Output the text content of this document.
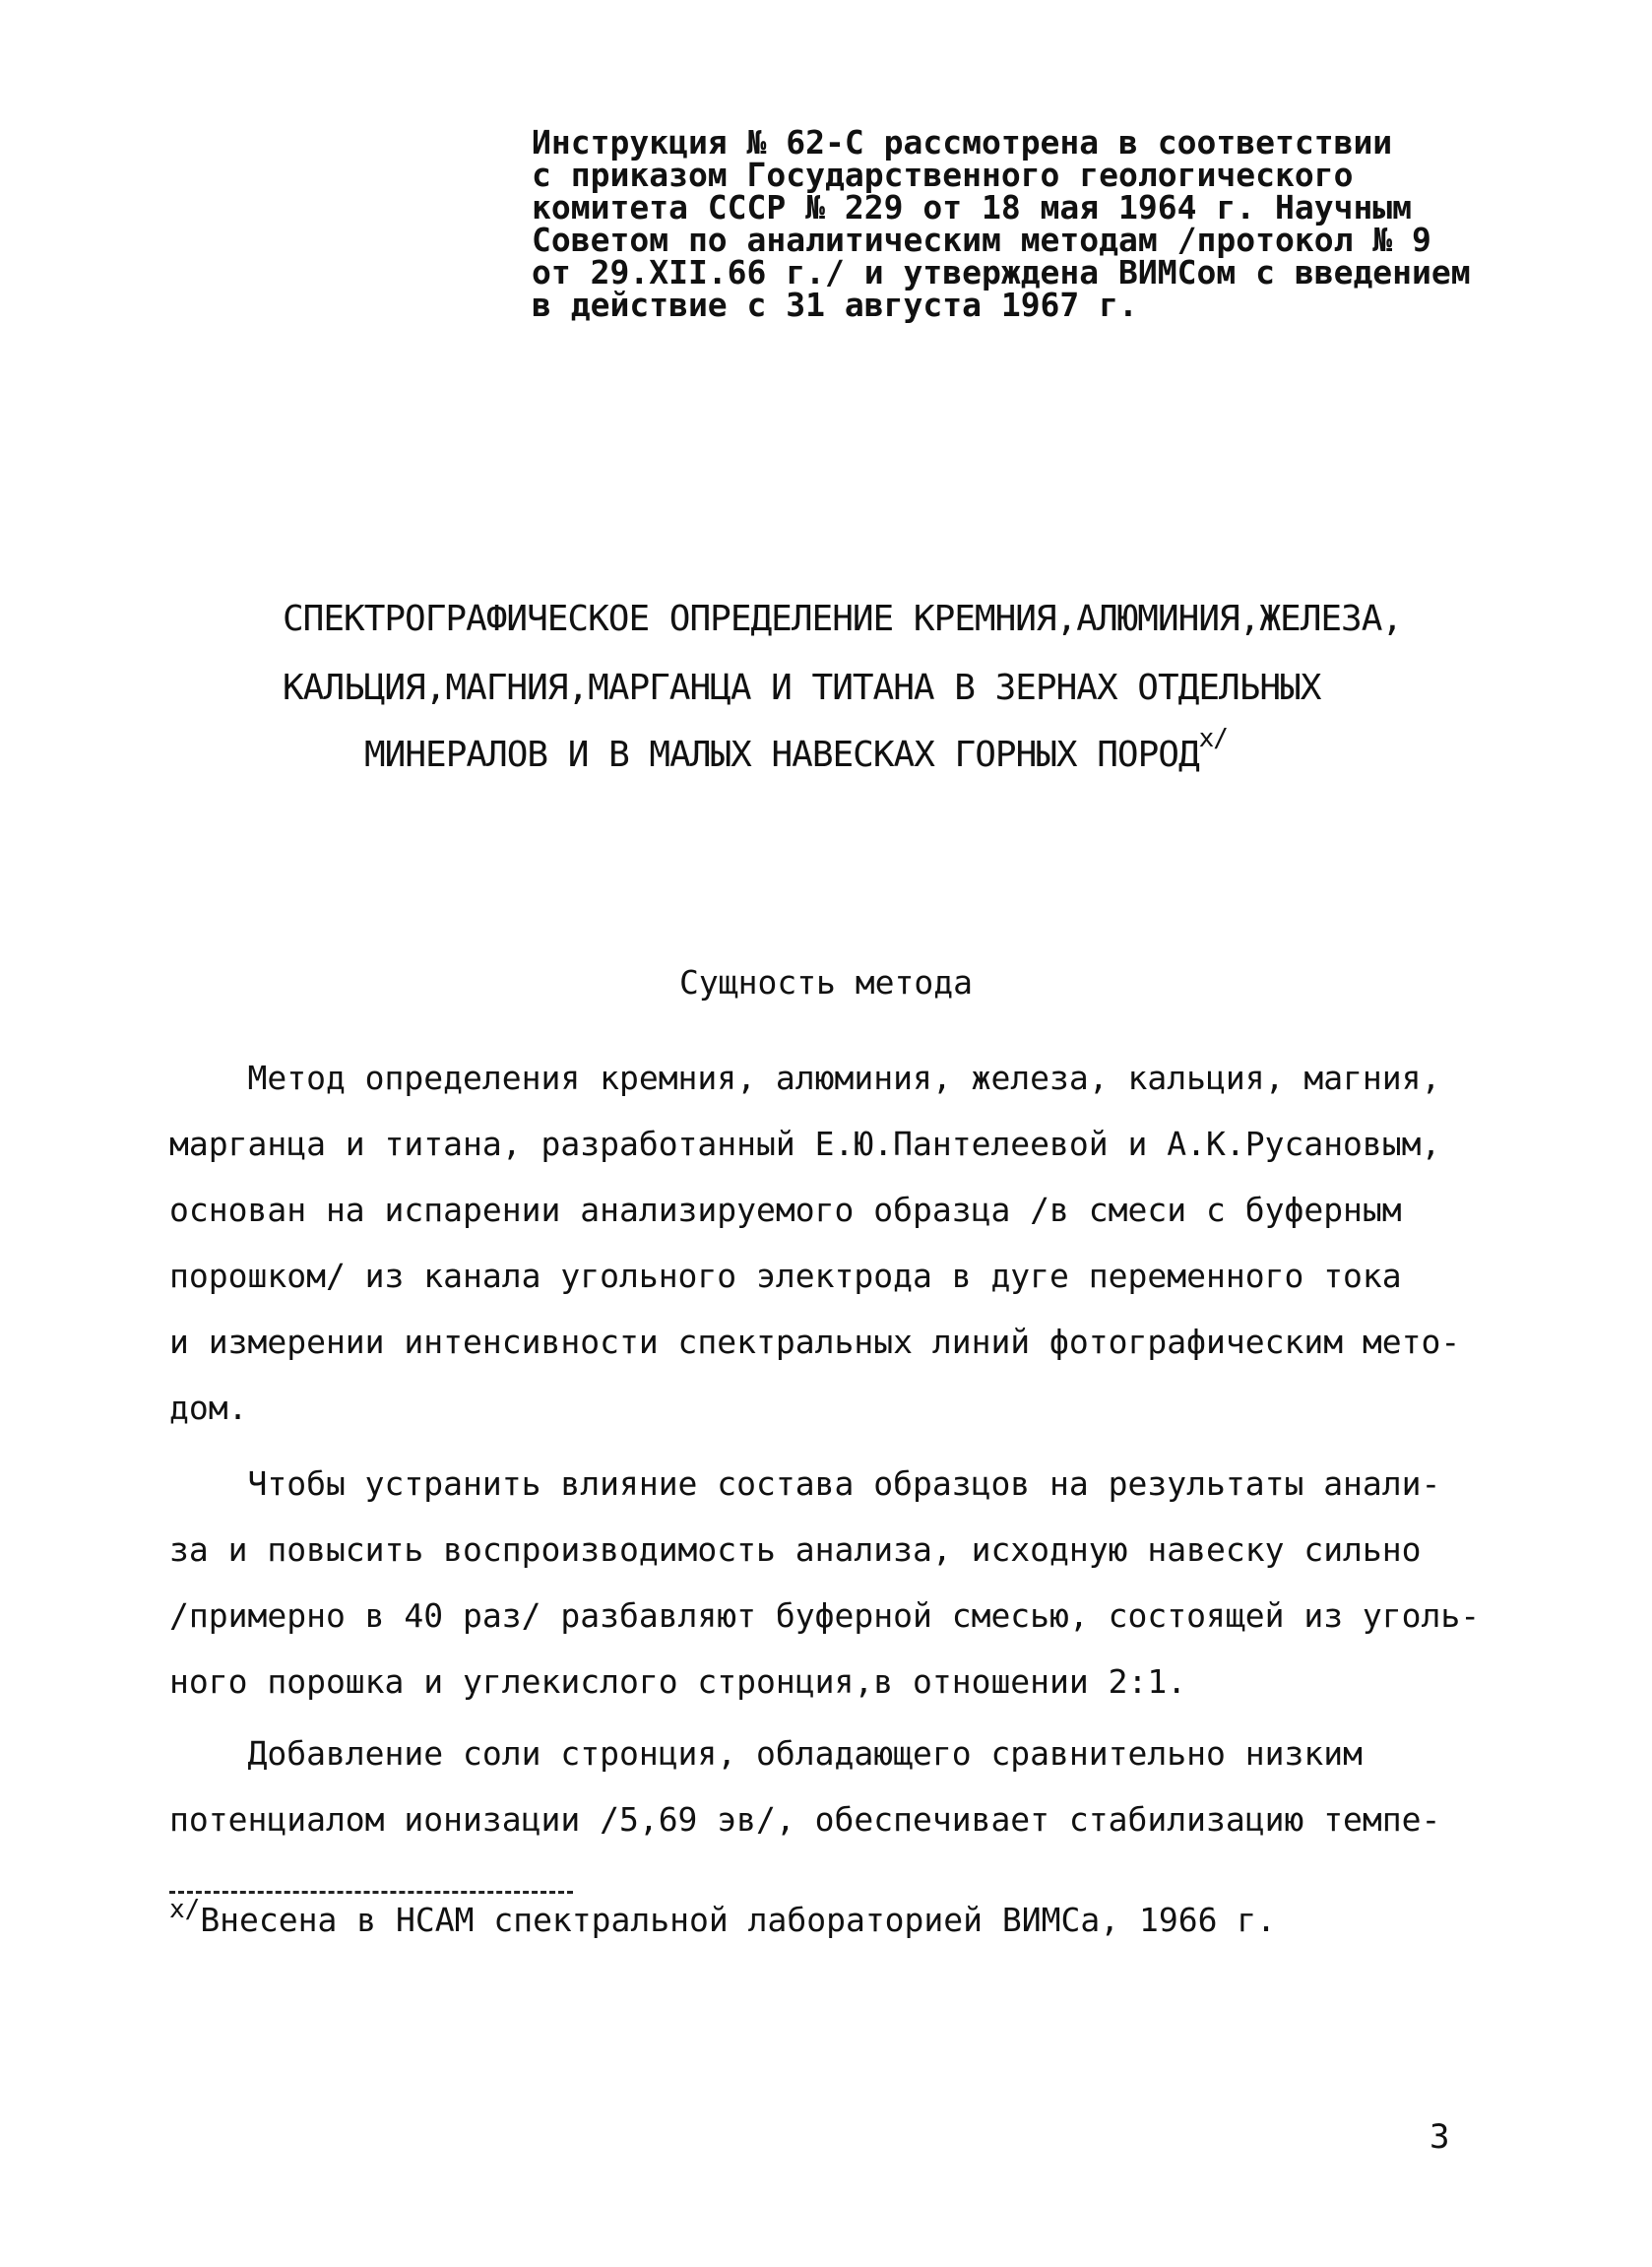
Инструкция № 62-С рассмотрена в соответствии
с приказом Государственного геологического
комитета СССР № 229 от 18 мая 1964 г. Научным
Советом по аналитическим методам /протокол № 9
от 29.XII.66 г./ и утверждена ВИМСом с введением
в действие с 31 августа 1967 г.
СПЕКТРОГРАФИЧЕСКОЕ ОПРЕДЕЛЕНИЕ КРЕМНИЯ,АЛЮМИНИЯ,ЖЕЛЕЗА,
КАЛЬЦИЯ,МАГНИЯ,МАРГАНЦА И ТИТАНА В ЗЕРНАХ ОТДЕЛЬНЫХ
МИНЕРАЛОВ И В МАЛЫХ НАВЕСКАХ ГОРНЫХ $ПОРОД^{x/}$
Сущность метода
Метод определения кремния, алюминия, железа, кальция, магния,
марганца и титана, разработанный Е.Ю.Пантелеевой и А.К.Русановым,
основан на испарении анализируемого образца /в смеси с буферным
порошком/ из канала угольного электрода в дуге переменного тока
и измерении интенсивности спектральных линий фотографическим мето-
дом.
Чтобы устранить влияние состава образцов на результаты анали-
за и повысить воспроизводимость анализа, исходную навеску сильно
/примерно в 40 раз/ разбавляют буферной смесью, состоящей из уголь-
ного порошка и углекислого стронция,в отношении 2:1.
Добавление соли стронция, обладающего сравнительно низким
потенциалом ионизации /5,69 эв/, обеспечивает стабилизацию темпе-
$^{x/}$Внесена в НСАМ спектральной лабораторией ВИМСа, 1966 г.
3
